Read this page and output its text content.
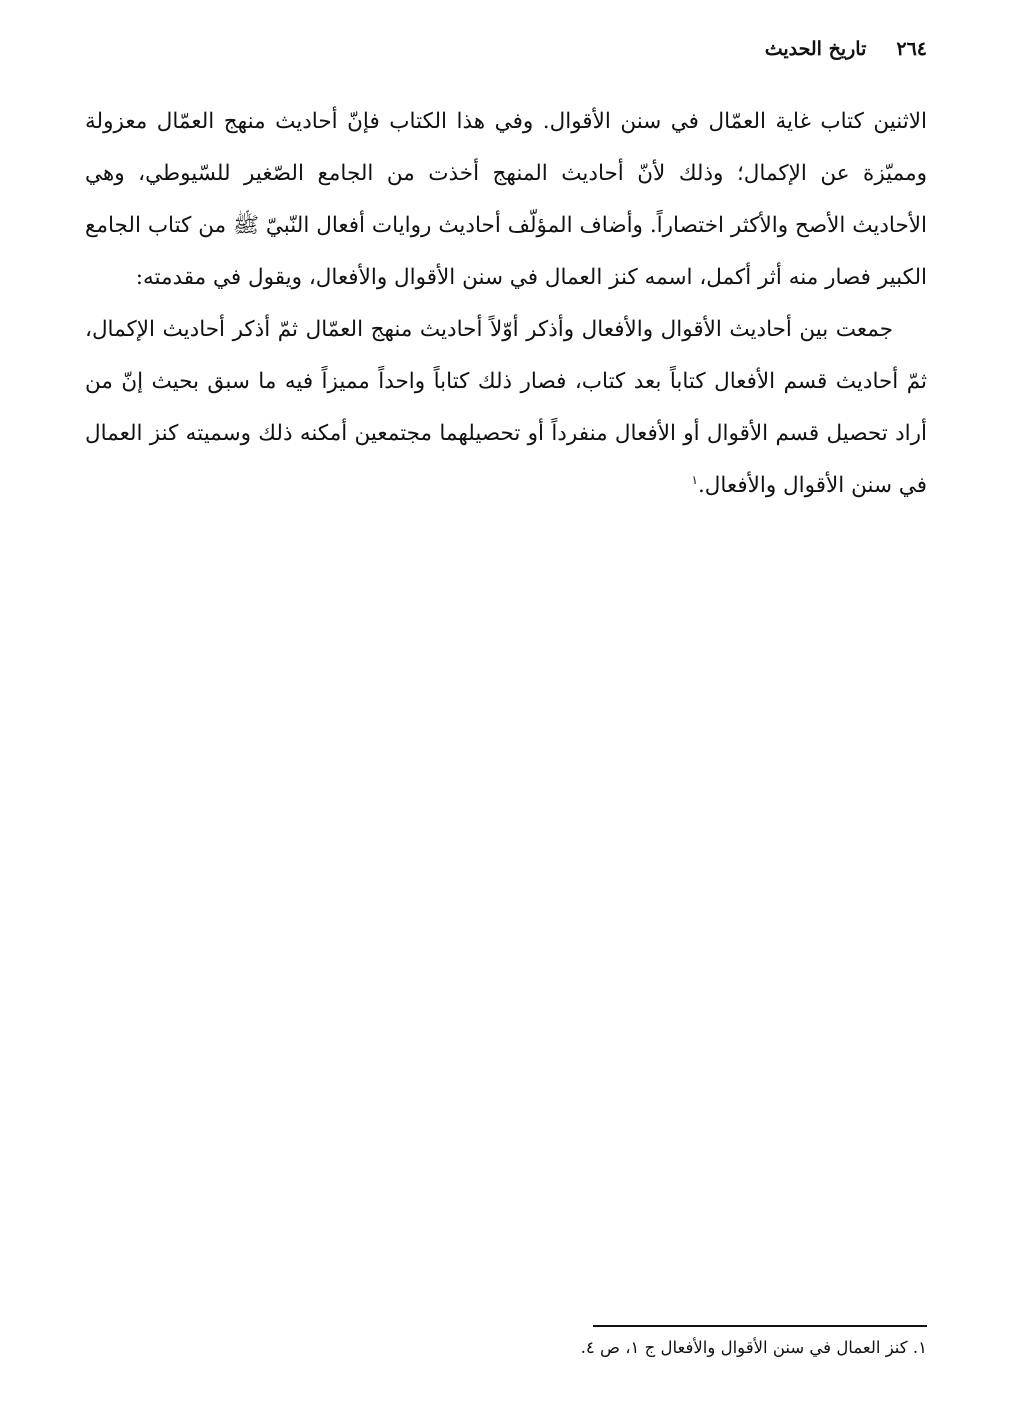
٢٦٤
تاريخ الحديث

الاثنين كتاب غاية العمّال في سنن الأقوال. وفي هذا الكتاب فإنّ أحاديث منهج العمّال معزولة ومميّزة عن الإكمال؛ وذلك لأنّ أحاديث المنهج أخذت من الجامع الصّغير للسّيوطي، وهي الأحاديث الأصح والأكثر اختصاراً. وأضاف المؤلّف أحاديث روايات أفعال النّبيّ ﷺ من كتاب الجامع الكبير فصار منه أثر أكمل، اسمه كنز العمال في سنن الأقوال والأفعال، ويقول في مقدمته:

جمعت بين أحاديث الأقوال والأفعال وأذكر أوّلاً أحاديث منهج العمّال ثمّ أذكر أحاديث الإكمال، ثمّ أحاديث قسم الأفعال كتاباً بعد كتاب، فصار ذلك كتاباً واحداً مميزاً فيه ما سبق بحيث إنّ من أراد تحصيل قسم الأقوال أو الأفعال منفرداً أو تحصيلهما مجتمعين أمكنه ذلك وسميته كنز العمال في سنن الأقوال والأفعال.$^١$

١. كنز العمال في سنن الأقوال والأفعال ج ١، ص ٤.
